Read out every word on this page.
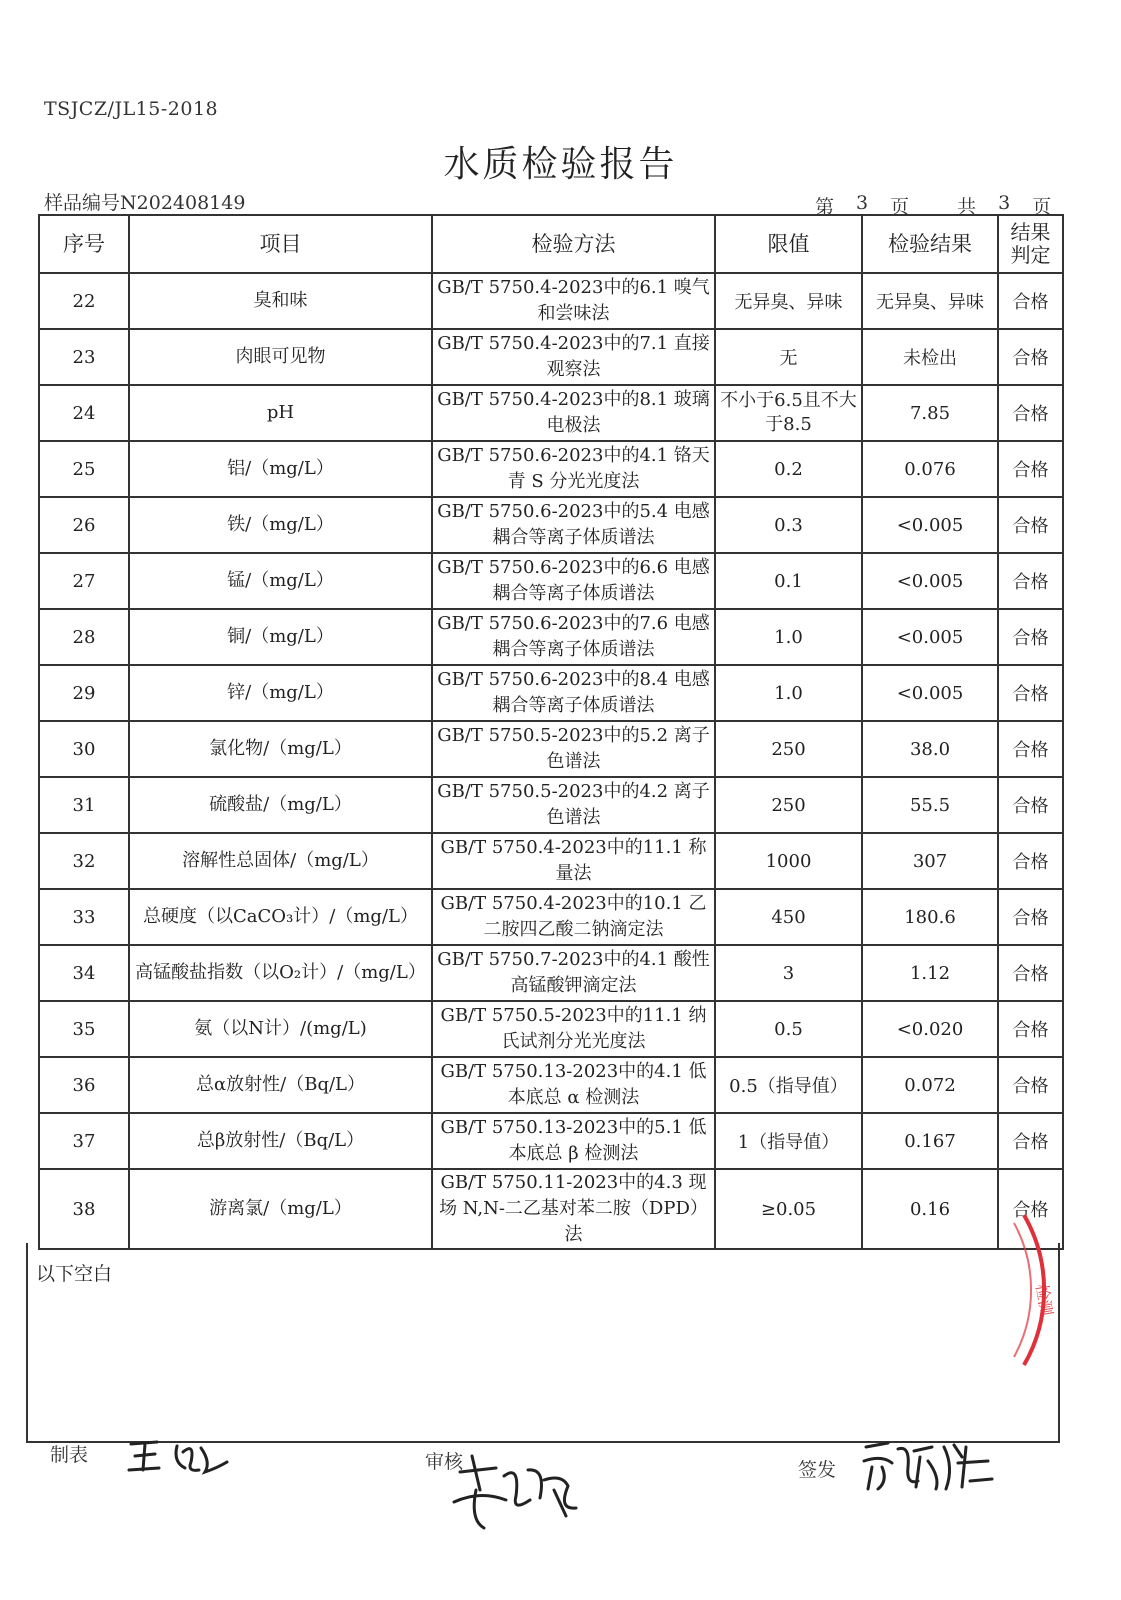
TSJCZ/JL15-2018
水质检验报告
样品编号N202408149	第 3 页	共 3 页
序号	项目	检验方法	限值	检验结果	结果判定
22	臭和味	GB/T 5750.4-2023中的6.1 嗅气和尝味法	无异臭、异味	无异臭、异味	合格
23	肉眼可见物	GB/T 5750.4-2023中的7.1 直接观察法	无	未检出	合格
24	pH	GB/T 5750.4-2023中的8.1 玻璃电极法	不小于6.5且不大于8.5	7.85	合格
25	铝/（mg/L）	GB/T 5750.6-2023中的4.1 铬天青 S 分光光度法	0.2	0.076	合格
26	铁/（mg/L）	GB/T 5750.6-2023中的5.4 电感耦合等离子体质谱法	0.3	<0.005	合格
27	锰/（mg/L）	GB/T 5750.6-2023中的6.6 电感耦合等离子体质谱法	0.1	<0.005	合格
28	铜/（mg/L）	GB/T 5750.6-2023中的7.6 电感耦合等离子体质谱法	1.0	<0.005	合格
29	锌/（mg/L）	GB/T 5750.6-2023中的8.4 电感耦合等离子体质谱法	1.0	<0.005	合格
30	氯化物/（mg/L）	GB/T 5750.5-2023中的5.2 离子色谱法	250	38.0	合格
31	硫酸盐/（mg/L）	GB/T 5750.5-2023中的4.2 离子色谱法	250	55.5	合格
32	溶解性总固体/（mg/L）	GB/T 5750.4-2023中的11.1 称量法	1000	307	合格
33	总硬度（以CaCO₃计）/（mg/L）	GB/T 5750.4-2023中的10.1 乙二胺四乙酸二钠滴定法	450	180.6	合格
34	高锰酸盐指数（以O₂计）/（mg/L）	GB/T 5750.7-2023中的4.1 酸性高锰酸钾滴定法	3	1.12	合格
35	氨（以N计）/(mg/L)	GB/T 5750.5-2023中的11.1 纳氏试剂分光光度法	0.5	<0.020	合格
36	总α放射性/（Bq/L）	GB/T 5750.13-2023中的4.1 低本底总 α 检测法	0.5（指导值）	0.072	合格
37	总β放射性/（Bq/L）	GB/T 5750.13-2023中的5.1 低本底总 β 检测法	1（指导值）	0.167	合格
38	游离氯/（mg/L）	GB/T 5750.11-2023中的4.3 现场 N,N-二乙基对苯二胺（DPD）法	≥0.05	0.16	合格
以下空白
制表	审核	签发
检测
